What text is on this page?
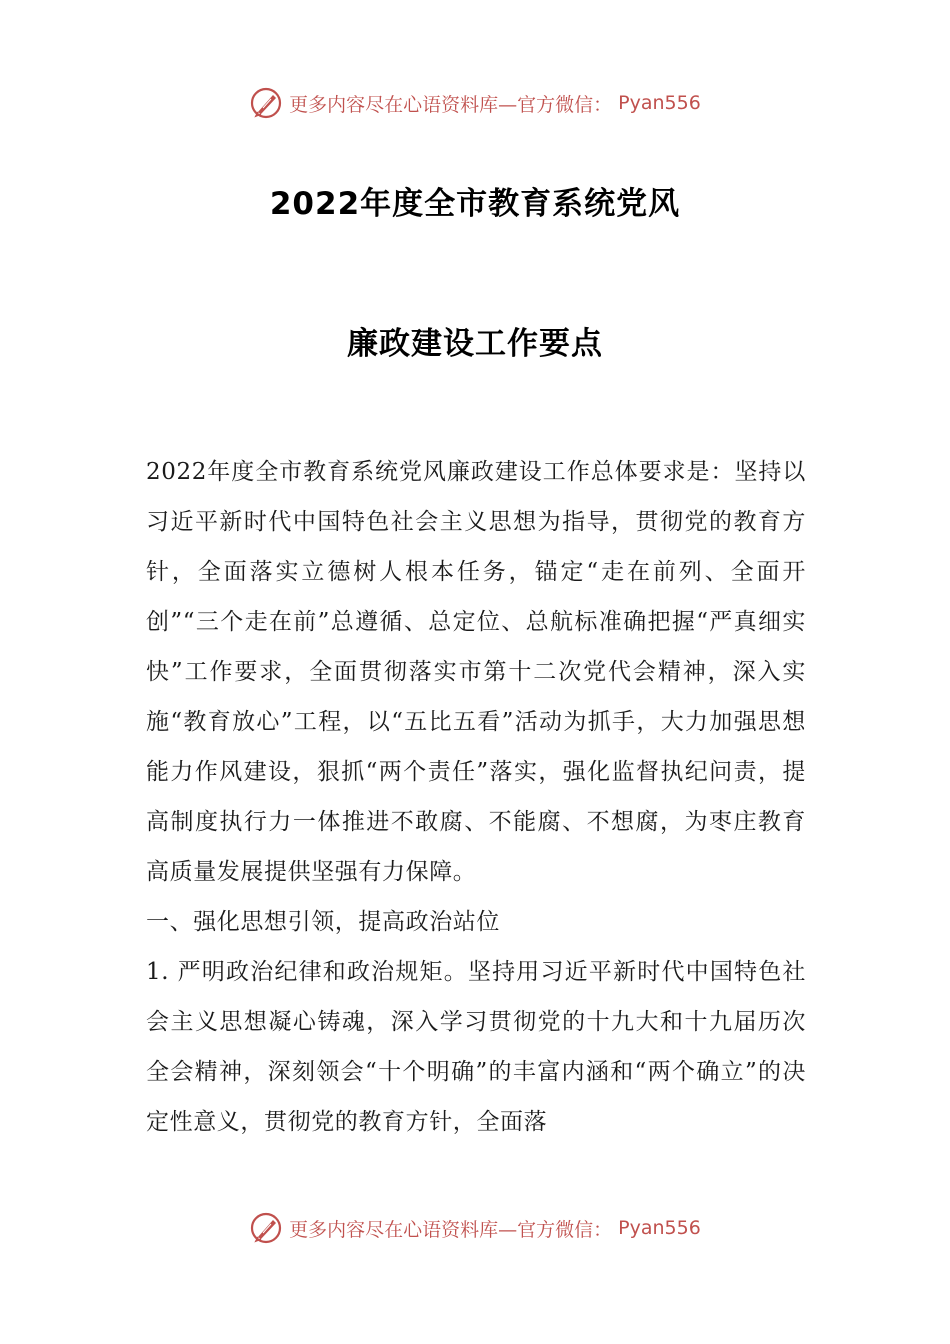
更多内容尽在心语资料库—官方微信： Pyan556
2022年度全市教育系统党风
廉政建设工作要点

2022年度全市教育系统党风廉政建设工作总体要求是：坚持以习近平新时代中国特色社会主义思想为指导，贯彻党的教育方针，全面落实立德树人根本任务，锚定“走在前列、全面开创”“三个走在前”总遵循、总定位、总航标准确把握“严真细实快”工作要求，全面贯彻落实市第十二次党代会精神，深入实施“教育放心”工程，以“五比五看”活动为抓手，大力加强思想能力作风建设，狠抓“两个责任”落实，强化监督执纪问责，提高制度执行力一体推进不敢腐、不能腐、不想腐，为枣庄教育高质量发展提供坚强有力保障。

一、强化思想引领，提高政治站位

1. 严明政治纪律和政治规矩。坚持用习近平新时代中国特色社会主义思想凝心铸魂，深入学习贯彻党的十九大和十九届历次全会精神，深刻领会“十个明确”的丰富内涵和“两个确立”的决定性意义，贯彻党的教育方针，全面落

更多内容尽在心语资料库—官方微信： Pyan556
